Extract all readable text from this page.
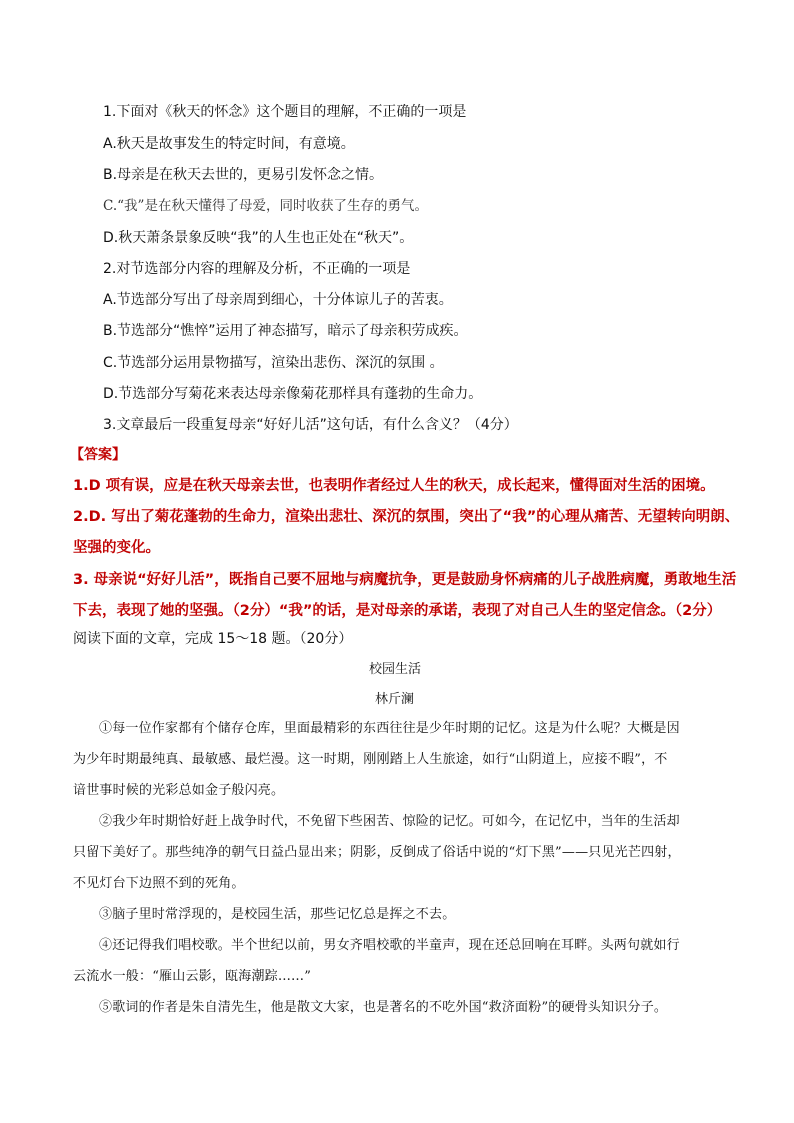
1.下面对《秋天的怀念》这个题目的理解，不正确的一项是
A.秋天是故事发生的特定时间，有意境。
B.母亲是在秋天去世的，更易引发怀念之情。
C.“我”是在秋天懂得了母爱，同时收获了生存的勇气。
D.秋天萧条景象反映“我”的人生也正处在“秋天”。
2.对节选部分内容的理解及分析，不正确的一项是
A.节选部分写出了母亲周到细心，十分体谅儿子的苦衷。
B.节选部分“憔悴”运用了神态描写，暗示了母亲积劳成疾。
C.节选部分运用景物描写，渲染出悲伤、深沉的氛围 。
D.节选部分写菊花来表达母亲像菊花那样具有蓬勃的生命力。
3.文章最后一段重复母亲“好好儿活”这句话，有什么含义？（4分）
【答案】
1.D 项有误，应是在秋天母亲去世，也表明作者经过人生的秋天，成长起来，懂得面对生活的困境。
2.D. 写出了菊花蓬勃的生命力，渲染出悲壮、深沉的氛围，突出了“我”的心理从痛苦、无望转向明朗、
坚强的变化。
3. 母亲说“好好儿活”，既指自己要不屈地与病魔抗争，更是鼓励身怀病痛的儿子战胜病魔，勇敢地生活
下去，表现了她的坚强。（2分）“我”的话，是对母亲的承诺，表现了对自己人生的坚定信念。（2分）
阅读下面的文章，完成 15～18 题。（20分）
校园生活
林斤澜
①每一位作家都有个储存仓库，里面最精彩的东西往往是少年时期的记忆。这是为什么呢？大概是因
为少年时期最纯真、最敏感、最烂漫。这一时期，刚刚踏上人生旅途，如行“山阴道上，应接不暇”，不
谙世事时候的光彩总如金子般闪亮。
②我少年时期恰好赶上战争时代，不免留下些困苦、惊险的记忆。可如今，在记忆中，当年的生活却
只留下美好了。那些纯净的朝气日益凸显出来；阴影，反倒成了俗话中说的“灯下黑”——只见光芒四射，
不见灯台下边照不到的死角。
③脑子里时常浮现的，是校园生活，那些记忆总是挥之不去。
④还记得我们唱校歌。半个世纪以前，男女齐唱校歌的半童声，现在还总回响在耳畔。头两句就如行
云流水一般：“雁山云影，瓯海潮踪……”
⑤歌词的作者是朱自清先生，他是散文大家，也是著名的不吃外国“救济面粉”的硬骨头知识分子。
